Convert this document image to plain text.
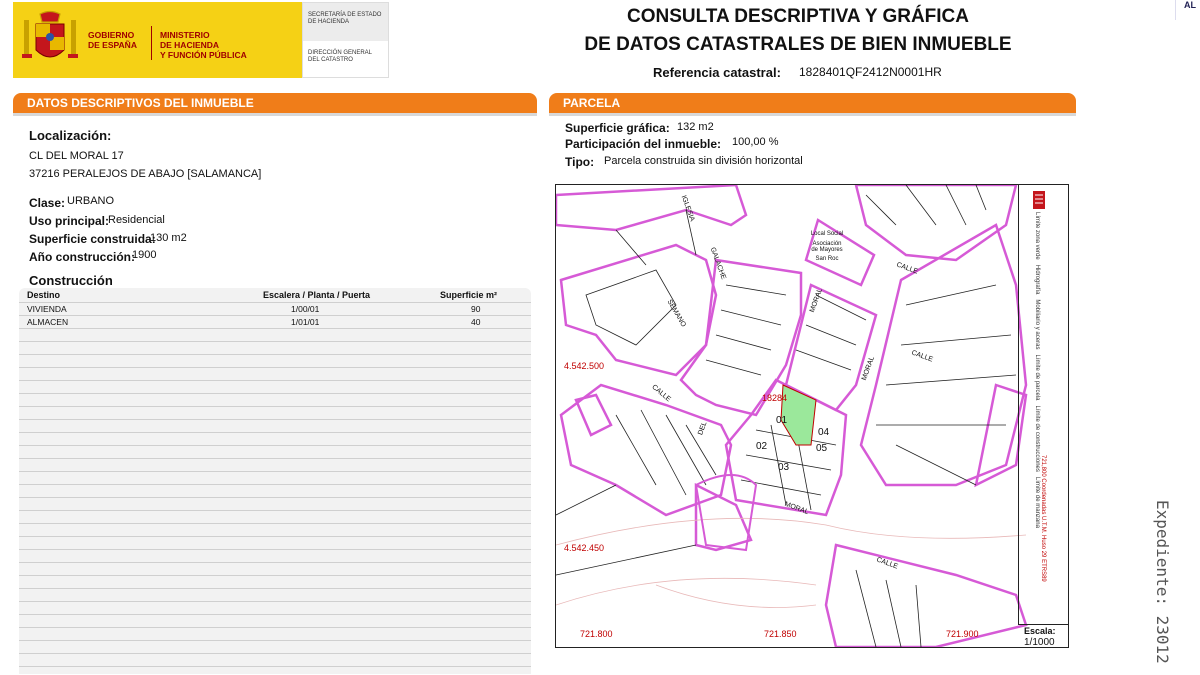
GOBIERNO
DE ESPAÑA
MINISTERIO
DE HACIENDA
Y FUNCIÓN PÚBLICA
SECRETARÍA DE ESTADO
DE HACIENDA
DIRECCIÓN GENERAL
DEL CATASTRO
CONSULTA DESCRIPTIVA Y GRÁFICA
DE DATOS CATASTRALES DE BIEN INMUEBLE
Referencia catastral: 1828401QF2412N0001HR
DATOS DESCRIPTIVOS DEL INMUEBLE
Localización:
CL DEL MORAL 17
37216 PERALEJOS DE ABAJO [SALAMANCA]
Clase: URBANO
Uso principal:
Residencial
Superficie construida:
130 m2
Año construcción:
1900
Construcción
Destino	Escalera / Planta / Puerta	Superficie m²
VIVIENDA	1/00/01	90
ALMACEN	1/01/01	40
PARCELA
Superficie gráfica: 132 m2
Participación del inmueble: 100,00 %
Tipo: Parcela construida sin división horizontal
Local Social
Asociación
de Mayores
San Roc
18284
01
02
03
04
05
CALLE
CALLE
CALLE
MORAL
MORAL
MORAL
SEMANO
GALACHE
IGLESIA
DEL
CALLE
4.542.500
4.542.450
721.800	721.850	721.900
Límite zona verde   Hidrografía   Mobiliario y aceras   Límite de parcela   Límite de construcciones   Límite de manzana 721,800 Coordenadas U.T.M. Huso 29 ETRS89
Escala:
1/1000
AL
Expediente: 23012
